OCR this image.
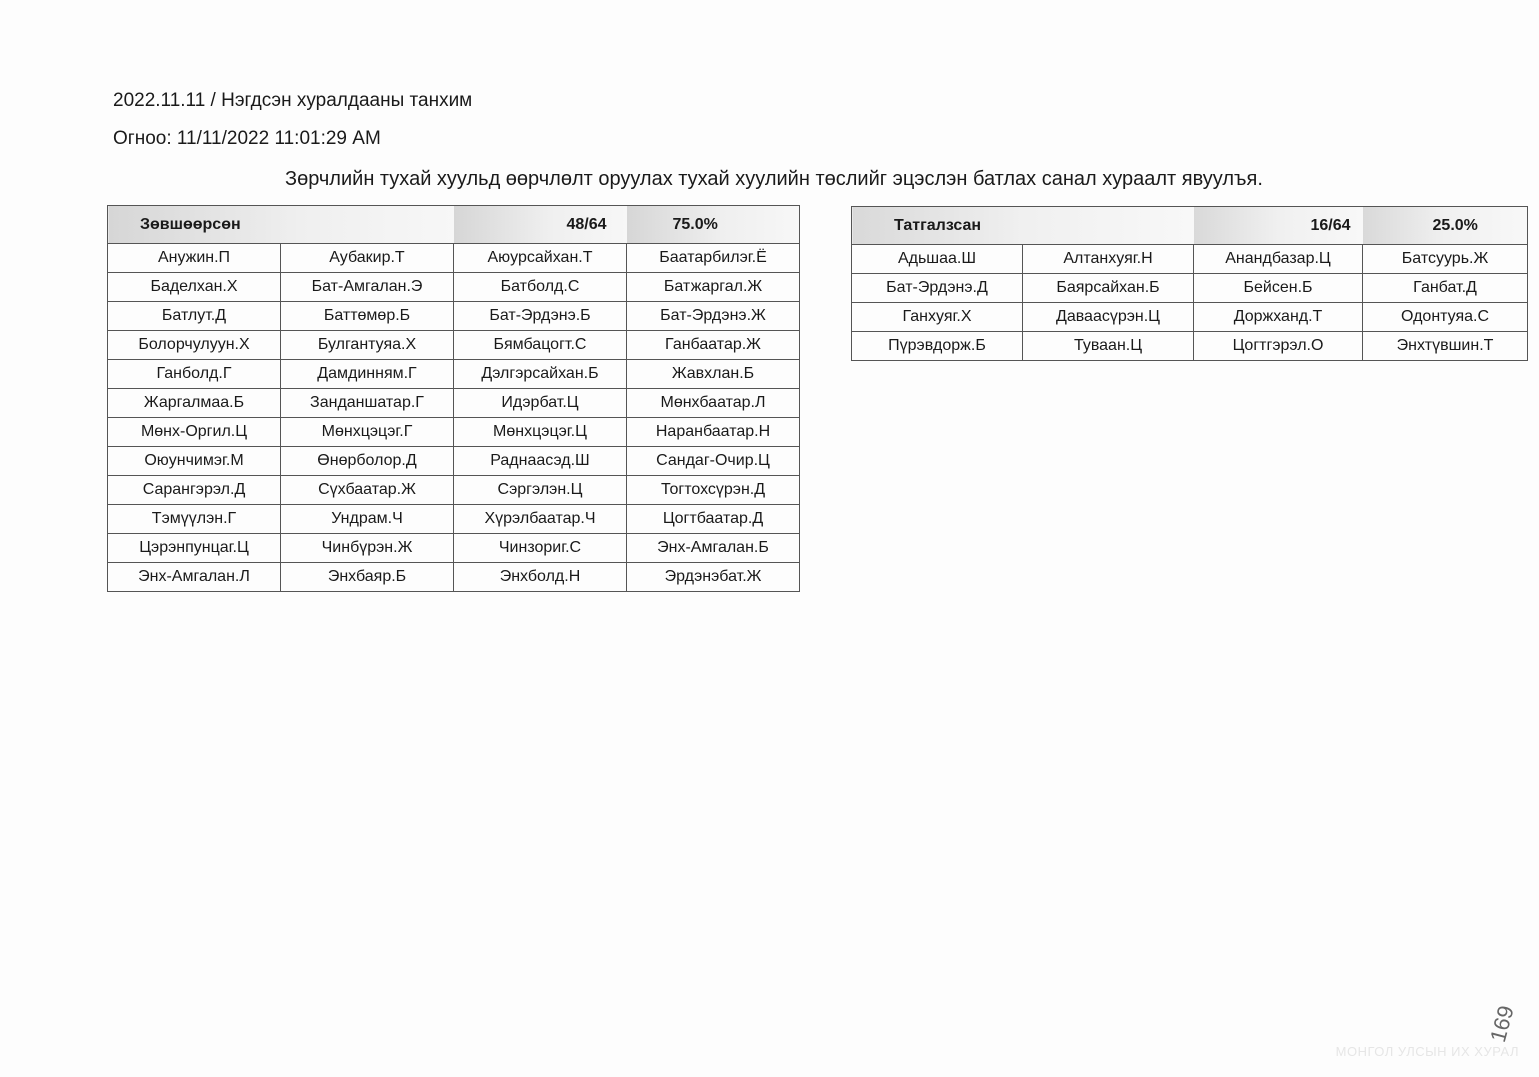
2022.11.11 / Нэгдсэн хуралдааны танхим
Огноо: 11/11/2022 11:01:29 AM
Зөрчлийн тухай хуульд өөрчлөлт оруулах тухай хуулийн төслийг эцэслэн батлах санал хураалт явуулъя.
Зөвшөөрсөн		48/64	75.0%
Анужин.П	Аубакир.Т	Аюурсайхан.Т	Баатарбилэг.Ё
Баделхан.Х	Бат-Амгалан.Э	Батболд.С	Батжаргал.Ж
Батлут.Д	Баттөмөр.Б	Бат-Эрдэнэ.Б	Бат-Эрдэнэ.Ж
Болорчулуун.Х	Булгантуяа.Х	Бямбацогт.С	Ганбаатар.Ж
Ганболд.Г	Дамдинням.Г	Дэлгэрсайхан.Б	Жавхлан.Б
Жаргалмаа.Б	Занданшатар.Г	Идэрбат.Ц	Мөнхбаатар.Л
Мөнх-Оргил.Ц	Мөнхцэцэг.Г	Мөнхцэцэг.Ц	Наранбаатар.Н
Оюунчимэг.М	Өнөрболор.Д	Раднаасэд.Ш	Сандаг-Очир.Ц
Сарангэрэл.Д	Сүхбаатар.Ж	Сэргэлэн.Ц	Тогтохсүрэн.Д
Тэмүүлэн.Г	Ундрам.Ч	Хүрэлбаатар.Ч	Цогтбаатар.Д
Цэрэнпунцаг.Ц	Чинбүрэн.Ж	Чинзориг.С	Энх-Амгалан.Б
Энх-Амгалан.Л	Энхбаяр.Б	Энхболд.Н	Эрдэнэбат.Ж
Татгалзсан		16/64	25.0%
Адьшаа.Ш	Алтанхуяг.Н	Анандбазар.Ц	Батсуурь.Ж
Бат-Эрдэнэ.Д	Баярсайхан.Б	Бейсен.Б	Ганбат.Д
Ганхуяг.Х	Даваасүрэн.Ц	Доржханд.Т	Одонтуяа.С
Пүрэвдорж.Б	Туваан.Ц	Цогтгэрэл.О	Энхтүвшин.Т
169
МОНГОЛ УЛСЫН ИХ ХУРАЛ
